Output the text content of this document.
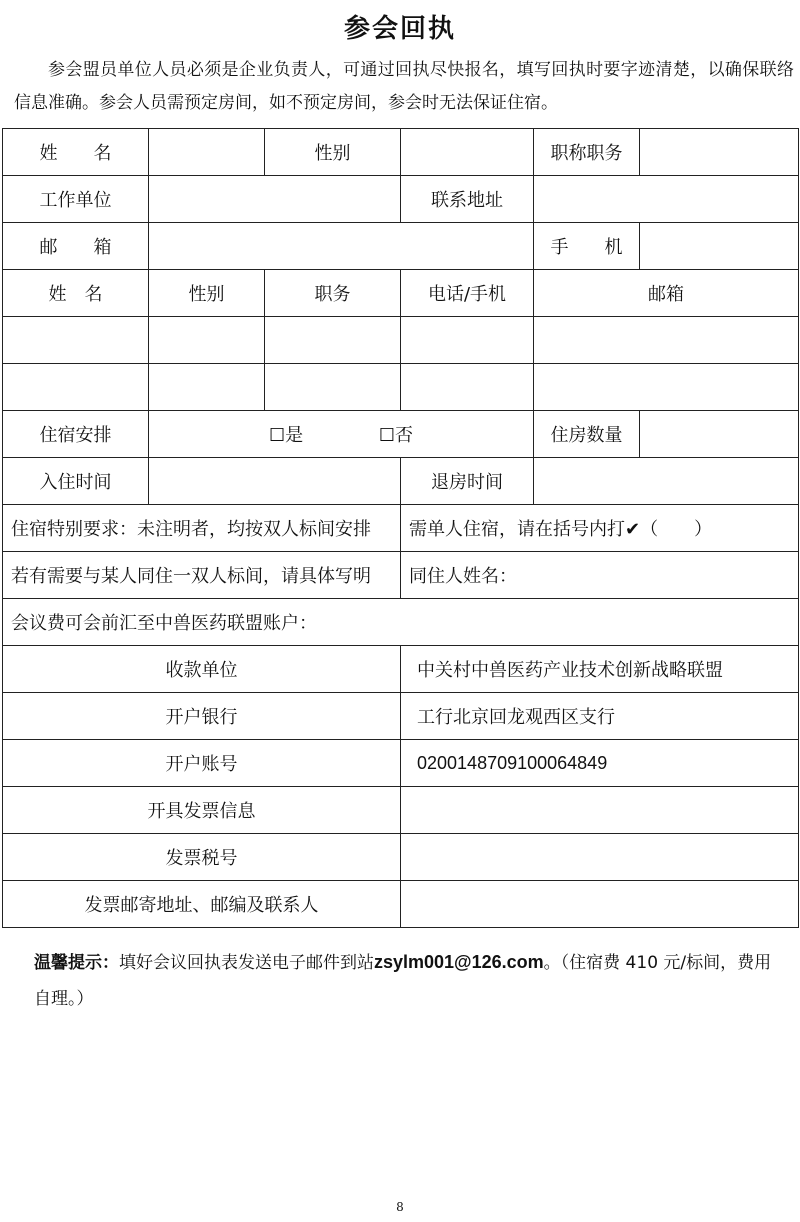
参会回执
参会盟员单位人员必须是企业负责人，可通过回执尽快报名，填写回执时要字迹清楚，以确保联络信息准确。参会人员需预定房间，如不预定房间，参会时无法保证住宿。
姓　　名		性别		职称职务	
工作单位			联系地址		
邮　　箱				手　　机	
姓　名	性别	职务	电话/手机	邮箱	

住宿安排	☐是 ☐否			住房数量	
入住时间			退房时间		
住宿特别要求：未注明者，均按双人标间安排			需单人住宿，请在括号内打✔（　　）		
若有需要与某人同住一双人标间，请具体写明			同住人姓名：		
会议费可会前汇至中兽医药联盟账户：					
收款单位			中关村中兽医药产业技术创新战略联盟		
开户银行			工行北京回龙观西区支行		
开户账号			0200148709100064849		
开具发票信息					
发票税号					
发票邮寄地址、邮编及联系人					
温馨提示：填好会议回执表发送电子邮件到站zsylm001@126.com。（住宿费 410 元/标间，费用自理。）
8
